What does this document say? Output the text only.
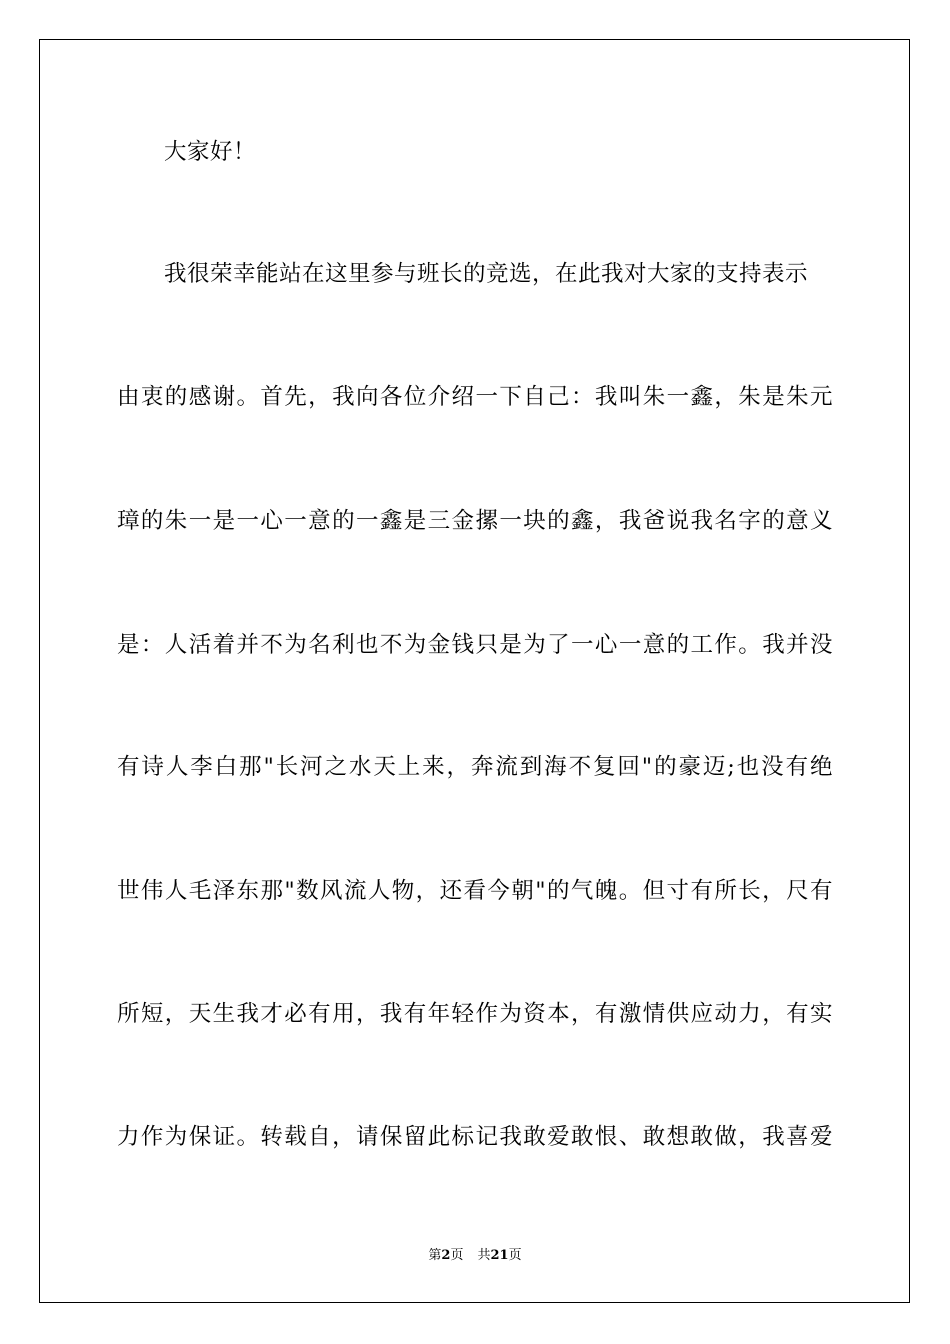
大家好！
我很荣幸能站在这里参与班长的竞选，在此我对大家的支持表示
由衷的感谢。首先，我向各位介绍一下自己：我叫朱一鑫，朱是朱元
璋的朱一是一心一意的一鑫是三金摞一块的鑫，我爸说我名字的意义
是：人活着并不为名利也不为金钱只是为了一心一意的工作。我并没
有诗人李白那"长河之水天上来，奔流到海不复回"的豪迈;也没有绝
世伟人毛泽东那"数风流人物，还看今朝"的气魄。但寸有所长，尺有
所短，天生我才必有用，我有年轻作为资本，有激情供应动力，有实
力作为保证。转载自，请保留此标记我敢爱敢恨、敢想敢做，我喜爱
第2页 共21页
